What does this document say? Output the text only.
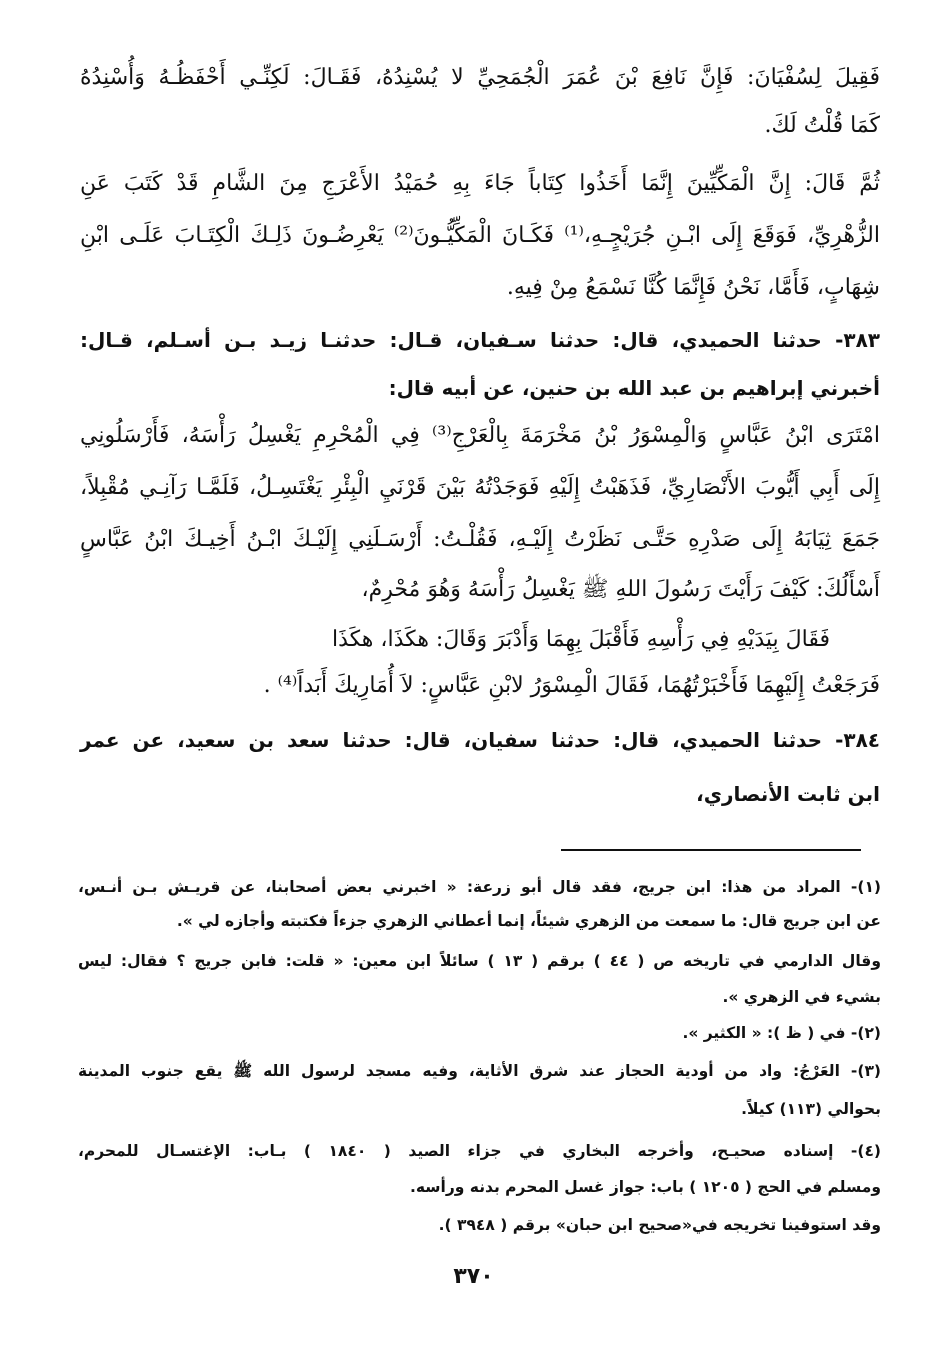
فَقِيلَ لِسُفْيَانَ: فَإِنَّ نَافِعَ بْنَ عُمَرَ الْجُمَحِيِّ لا يُسْنِدُهُ، فَقَـالَ: لَكِنِّـي أَحْفَظُـهُ وَأُسْنِدُهُ
كَمَا قُلْتُ لَكَ.
ثُمَّ قَالَ: إِنَّ الْمَكِّيِّينَ إِنَّمَا أَخَذُوا كِتَاباً جَاءَ بِهِ حُمَيْدُ الأَعْرَجِ مِنَ الشَّامِ قَدْ كَتَبَ عَنِ
الزُّهْرِيِّ، فَوَقَعَ إِلَى ابْـنِ جُرَيْجٍـهِ،⁽¹⁾ فَكَـانَ الْمَكِّيُّـونَ⁽²⁾ يَعْرِضُـونَ ذَلِـكَ الْكِتَـابَ عَلَـى ابْنِ
شِهَابٍ، فَأَمَّا، نَحْنُ فَإِنَّمَا كُنَّا نَسْمَعُ مِنْ فِيهِ.
٣٨٣- حدثنا الحميدي، قال: حدثنا سـفيان، قـال: حدثنـا زيـد بـن أسـلم، قـال:
أخبرني إبراهيم بن عبد الله بن حنين، عن أبيه قال:
امْتَرَى ابْنُ عَبَّاسٍ وَالْمِسْوَرُ بْنُ مَخْرَمَةَ بِالْعَرْجِ⁽³⁾ فِي الْمُحْرِمِ يَغْسِلُ رَأْسَهُ، فَأَرْسَلُونِي
إِلَى أَبِي أَيُّوبَ الأَنْصَارِيِّ، فَذَهَبْتُ إِلَيْهِ فَوَجَدْتُهُ بَيْنَ قَرْنَيِ الْبِئْرِ يَغْتَسِـلُ، فَلَمَّـا رَآنِـي مُقْبِلاً،
جَمَعَ ثِيَابَهُ إِلَى صَدْرِهِ حَتَّـى نَظَرْتُ إِلَيْـهِ، فَقُلْـتُ: أَرْسَـلَنِي إِلَيْـكَ ابْـنُ أَخِيـكَ ابْنُ عَبَّاسٍ
أَسْأَلُكَ: كَيْفَ رَأَيْتَ رَسُولَ اللهِ ﷺ يَغْسِلُ رَأْسَهُ وَهُوَ مُحْرِمٌ،
فَقَالَ بِيَدَيْهِ فِي رَأْسِهِ فَأَقْبَلَ بِهِمَا وَأَدْبَرَ وَقَالَ: هكَذَا، هكَذَا
فَرَجَعْتُ إِلَيْهِمَا فَأَخْبَرْتُهُمَا، فَقَالَ الْمِسْوَرُ لابْنِ عَبَّاسٍ: لاَ أُمَارِيكَ أَبَداً⁽⁴⁾ .
٣٨٤- حدثنا الحميدي، قال: حدثنا سفيان، قال: حدثنا سعد بن سعيد، عن عمر
ابن ثابت الأنصاري،
(١)- المراد من هذا: ابن جريج، فقد قال أبو زرعة: « اخبرني بعض أصحابنا، عن قريـش بـن أنـس،
عن ابن جريج قال: ما سمعت من الزهري شيئاً، إنما أعطاني الزهري جزءاً فكتبته وأجازه لي ».
وقال الدارمي في تاريخه ص ( ٤٤ ) برقم ( ١٣ ) سائلاً ابن معين: « قلت: فابن جريج ؟ فقال: ليس
بشيء في الزهري ».
(٢)- في ( ظ ): « الكثير ».
(٣)- العَرْجُ: واد من أودية الحجاز عند شرق الأثاية، وفيه مسجد لرسول الله ﷺ يقع جنوب المدينة
بحوالي (١١٣) كيلاً.
(٤)- إسناده صحيـح، وأخرجه البخاري في جزاء الصيد ( ١٨٤٠ ) بـاب: الإغتسـال للمحرم،
ومسلم في الحج ( ١٢٠٥ ) باب: جواز غسل المحرم بدنه ورأسه.
وقد استوفينا تخريجه في«صحيح ابن حبان» برقم ( ٣٩٤٨ ).
٣٧٠
